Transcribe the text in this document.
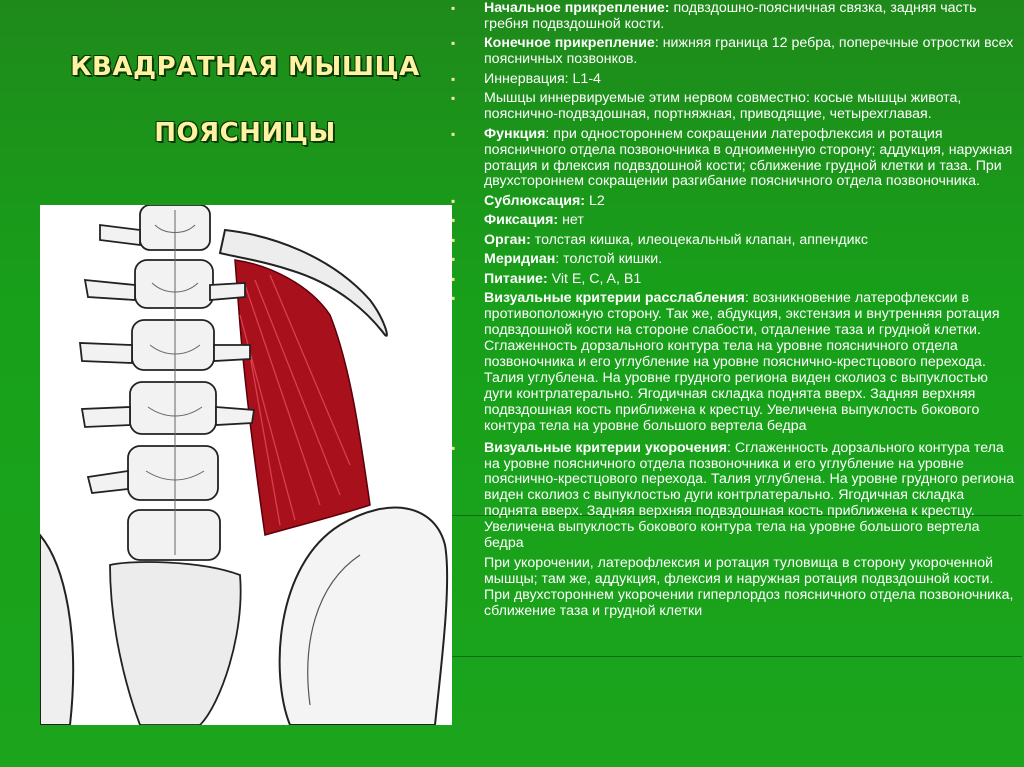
КВАДРАТНАЯ МЫШЦА
ПОЯСНИЦЫ
▪ Начальное прикрепление: подвздошно-поясничная связка, задняя часть гребня подвздошной кости.
▪ Конечное прикрепление: нижняя граница 12 ребра, поперечные отростки всех поясничных позвонков.
▪ Иннервация: L1-4
▪ Мышцы иннервируемые этим нервом совместно: косые мышцы живота, пояснично-подвздошная, портняжная, приводящие, четырехглавая.
▪ Функция: при одностороннем сокращении латерофлексия и ротация поясничного отдела позвоночника в одноименную сторону; аддукция, наружная ротация и флексия подвздошной кости; сближение грудной клетки и таза. При двухстороннем сокращении разгибание поясничного отдела позвоночника.
▪ Сублюксация: L2
▪ Фиксация: нет
▪ Орган: толстая кишка, илеоцекальный клапан, аппендикс
▪ Меридиан: толстой кишки.
▪ Питание: Vit E, C, A, B1
▪ Визуальные критерии расслабления: возникновение латерофлексии в противоположную сторону. Так же, абдукция, экстензия и внутренняя ротация подвздошной кости на стороне слабости, отдаление таза и грудной клетки. Сглаженность дорзального контура тела на уровне поясничного отдела позвоночника и его углубление на уровне пояснично-крестцового перехода. Талия углублена. На уровне грудного региона виден сколиоз с выпуклостью дуги контрлатерально. Ягодичная складка поднята вверх. Задняя верхняя подвздошная кость приближена к крестцу. Увеличена выпуклость бокового контура тела на уровне большого вертела бедра
▪ Визуальные критерии укорочения: Сглаженность дорзального контура тела на уровне поясничного отдела позвоночника и его углубление на уровне пояснично-крестцового перехода. Талия углублена. На уровне грудного региона виден сколиоз с выпуклостью дуги контрлатерально. Ягодичная складка поднята вверх. Задняя верхняя подвздошная кость приближена к крестцу. Увеличена выпуклость бокового контура тела на уровне большого вертела бедра
При укорочении, латерофлексия и ротация туловища в сторону укороченной мышцы; там же, аддукция, флексия и наружная ротация подвздошной кости. При двухстороннем укорочении гиперлордоз поясничного отдела позвоночника, сближение таза и грудной клетки
